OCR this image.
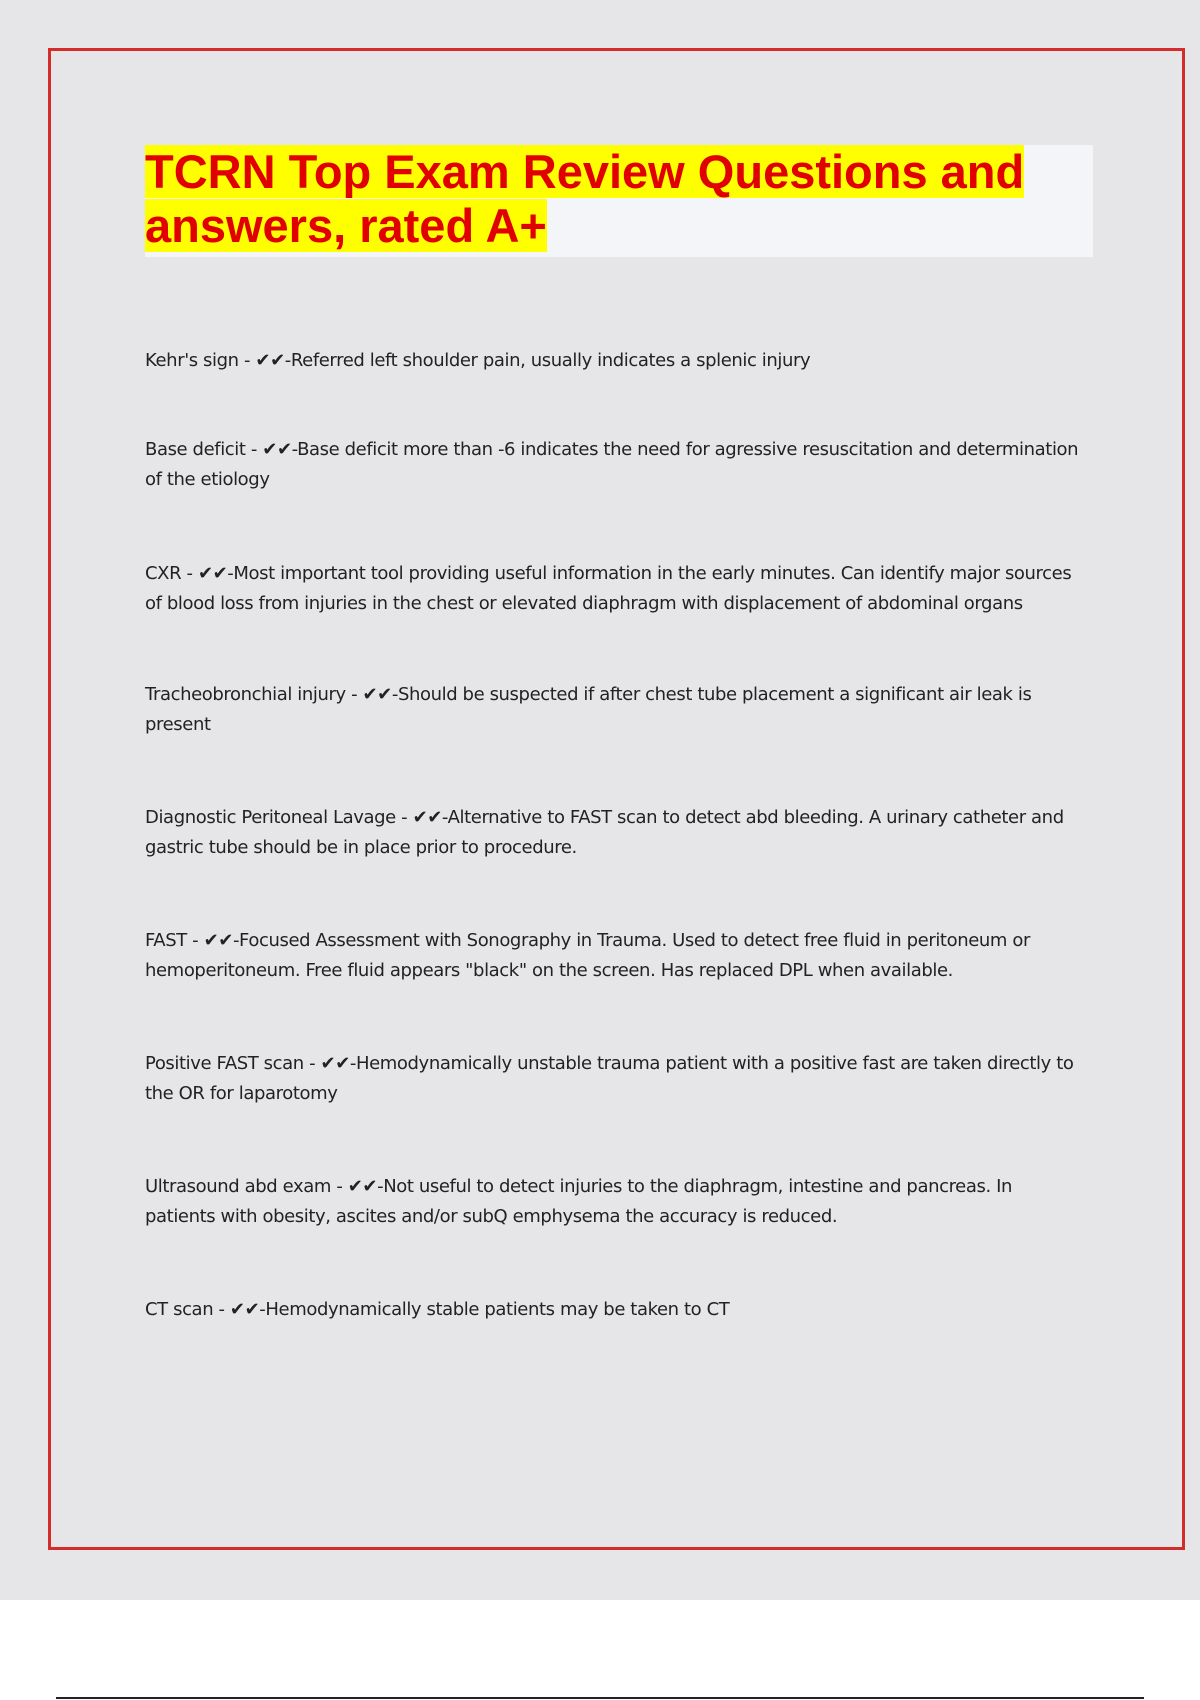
TCRN Top Exam Review Questions and answers, rated A+
Kehr's sign - ✔✔-Referred left shoulder pain, usually indicates a splenic injury
Base deficit - ✔✔-Base deficit more than -6 indicates the need for agressive resuscitation and determination of the etiology
CXR - ✔✔-Most important tool providing useful information in the early minutes. Can identify major sources of blood loss from injuries in the chest or elevated diaphragm with displacement of abdominal organs
Tracheobronchial injury - ✔✔-Should be suspected if after chest tube placement a significant air leak is present
Diagnostic Peritoneal Lavage - ✔✔-Alternative to FAST scan to detect abd bleeding. A urinary catheter and gastric tube should be in place prior to procedure.
FAST - ✔✔-Focused Assessment with Sonography in Trauma. Used to detect free fluid in peritoneum or hemoperitoneum. Free fluid appears "black" on the screen. Has replaced DPL when available.
Positive FAST scan - ✔✔-Hemodynamically unstable trauma patient with a positive fast are taken directly to the OR for laparotomy
Ultrasound abd exam - ✔✔-Not useful to detect injuries to the diaphragm, intestine and pancreas. In patients with obesity, ascites and/or subQ emphysema the accuracy is reduced.
CT scan - ✔✔-Hemodynamically stable patients may be taken to CT
